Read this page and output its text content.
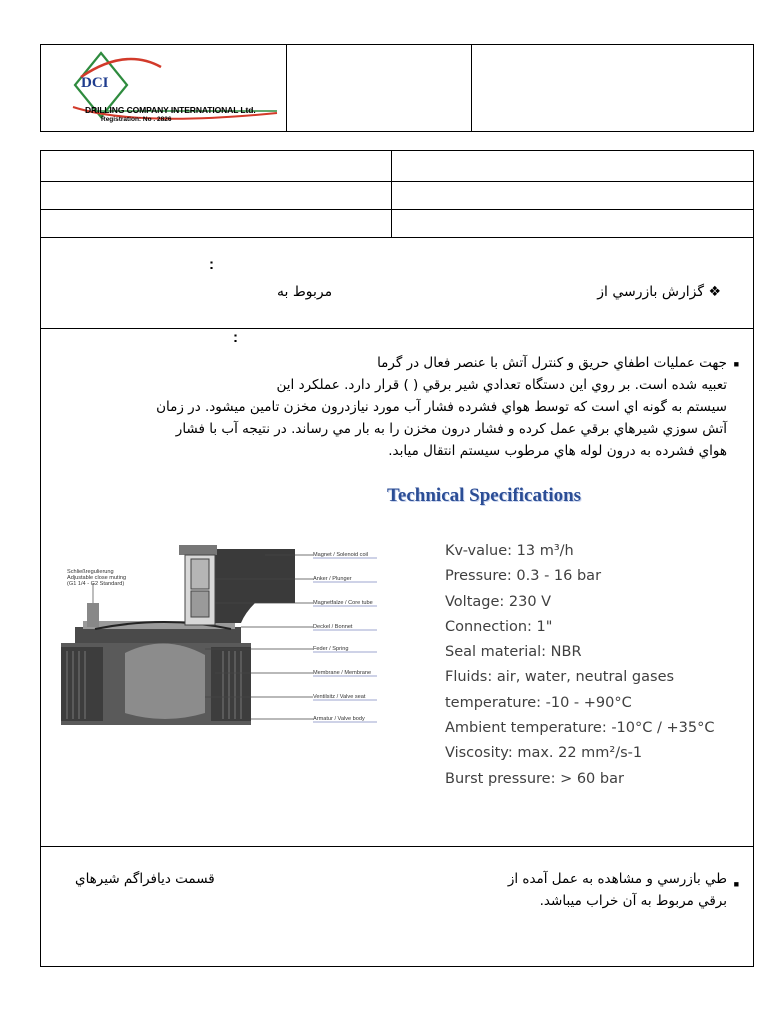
DCI
DRILLING COMPANY INTERNATIONAL Ltd.
Registration: No . 2826
:
❖ گزارش بازرسي از
مربوط به
:
■
جهت عمليات اطفاي حريق و كنترل آتش با عنصر فعال در گرما
تعبيه شده است. بر روي اين دستگاه تعدادي شير برقي ( ) قرار دارد. عملكرد اين
سيستم به گونه اي است كه توسط هواي فشرده فشار آب مورد نيازدرون مخزن تامين ميشود. در زمان
آتش سوزي شيرهاي برقي عمل كرده و فشار درون مخزن را به بار مي رساند. در نتيجه آب با فشار
هواي فشرده به درون لوله هاي مرطوب سيستم انتقال ميابد.
Technical Specifications
Magnet / Solenoid coil
Anker / Plunger
Magnetfalze / Core tube
Deckel / Bonnet
Feder / Spring
Membrane / Membrane
Ventilsitz / Valve seat
Armatur / Valve body
Schließregulierung
Adjustable close muting
(G1 1/4 - G2 Standard)
Kv-value: 13 m³/h
Pressure: 0.3 - 16 bar
Voltage: 230 V
Connection: 1"
Seal material: NBR
Fluids: air, water, neutral gases
temperature: -10 - +90°C
Ambient temperature: -10°C / +35°C
Viscosity: max. 22 mm²/s-1
Burst pressure: > 60 bar
■
طي بازرسي و مشاهده به عمل آمده از
قسمت ديافراگم شيرهاي
برقي مربوط به آن خراب ميباشد.
